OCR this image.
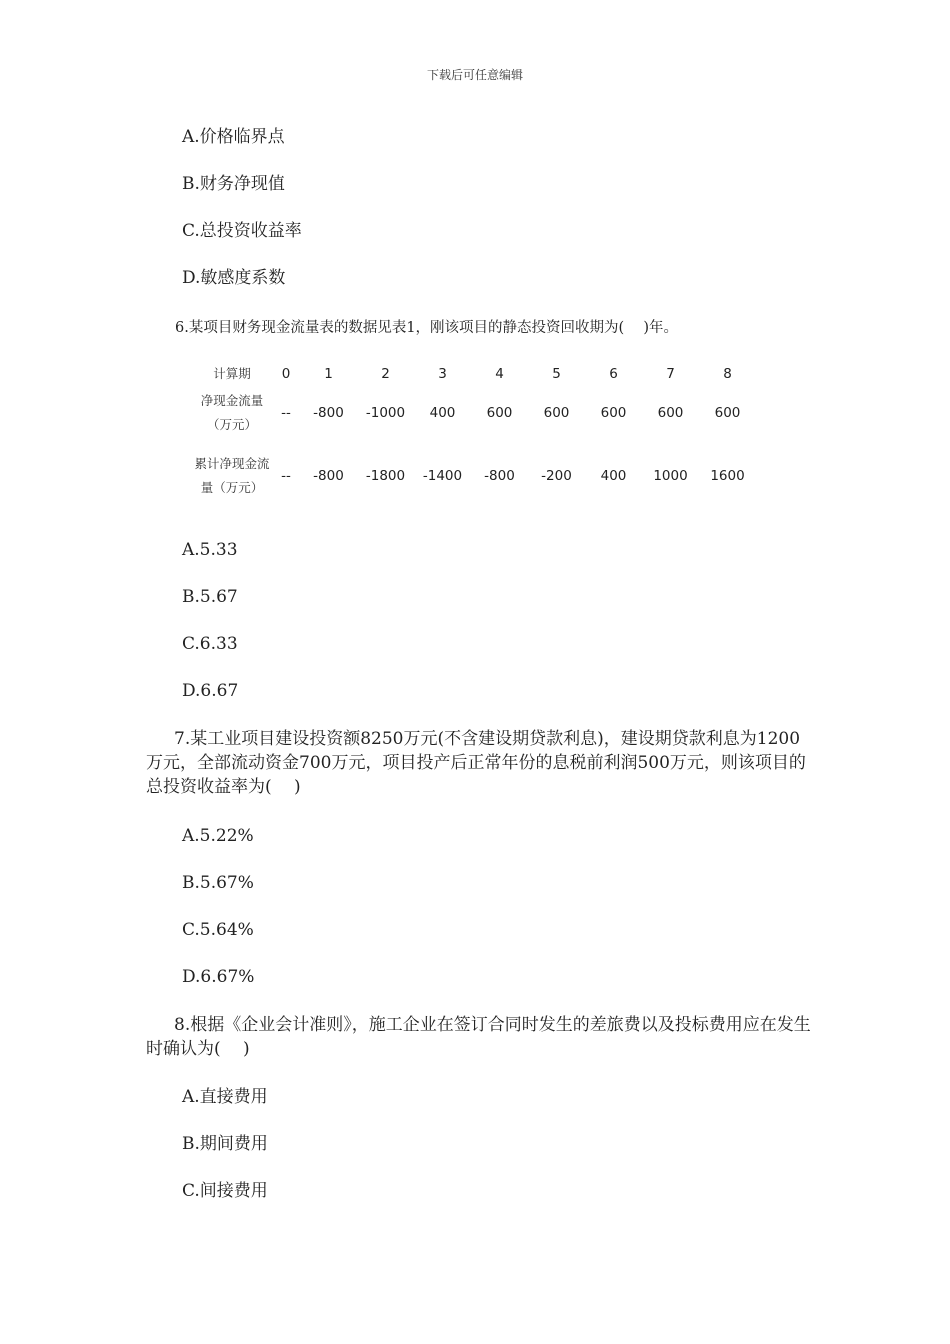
下载后可任意编辑
A.价格临界点
B.财务净现值
C.总投资收益率
D.敏感度系数
6.某项目财务现金流量表的数据见表1，刚该项目的静态投资回收期为(　 )年。
计算期	0	1	2	3	4	5	6	7	8
净现金流量（万元）	--	-800	-1000	400	600	600	600	600	600
累计净现金流量（万元）	--	-800	-1800	-1400	-800	-200	400	1000	1600
A.5.33
B.5.67
C.6.33
D.6.67
7.某工业项目建设投资额8250万元(不含建设期贷款利息)，建设期贷款利息为1200万元，全部流动资金700万元，项目投产后正常年份的息税前利润500万元，则该项目的总投资收益率为(　 )
A.5.22%
B.5.67%
C.5.64%
D.6.67%
8.根据《企业会计准则》，施工企业在签订合同时发生的差旅费以及投标费用应在发生时确认为(　 )
A.直接费用
B.期间费用
C.间接费用
